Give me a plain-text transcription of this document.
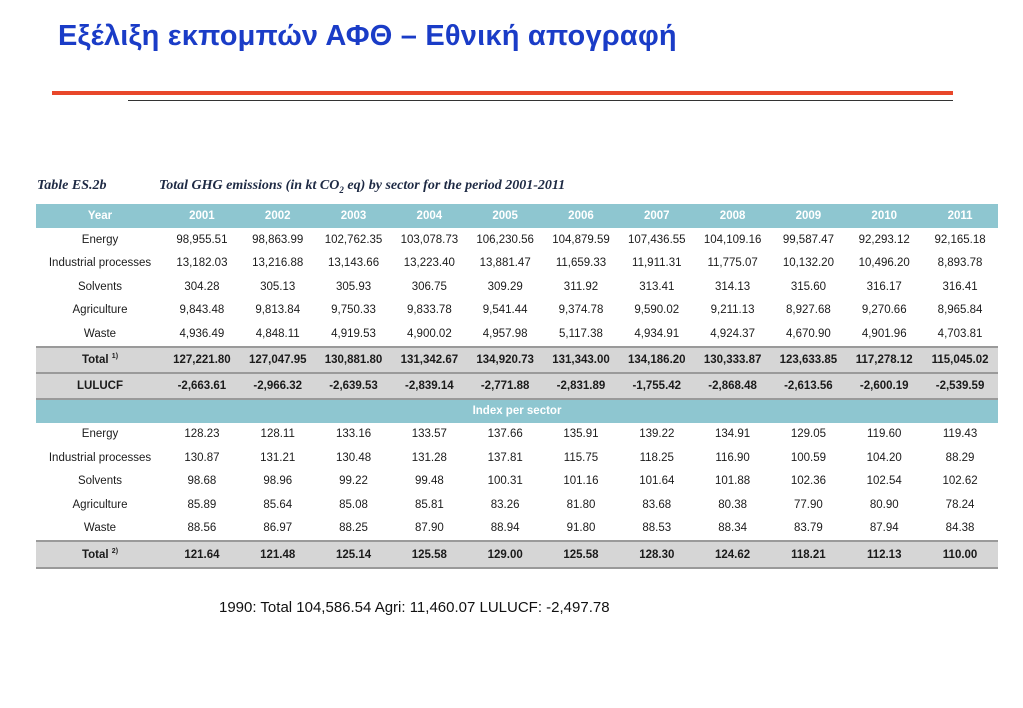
Εξέλιξη εκπομπών ΑΦΘ – Εθνική απογραφή

Table ES.2b	Total GHG emissions (in kt $CO_2$ eq) by sector for the period 2001-2011

Year	2001	2002	2003	2004	2005	2006	2007	2008	2009	2010	2011
Energy	98,955.51	98,863.99	102,762.35	103,078.73	106,230.56	104,879.59	107,436.55	104,109.16	99,587.47	92,293.12	92,165.18
Industrial processes	13,182.03	13,216.88	13,143.66	13,223.40	13,881.47	11,659.33	11,911.31	11,775.07	10,132.20	10,496.20	8,893.78
Solvents	304.28	305.13	305.93	306.75	309.29	311.92	313.41	314.13	315.60	316.17	316.41
Agriculture	9,843.48	9,813.84	9,750.33	9,833.78	9,541.44	9,374.78	9,590.02	9,211.13	8,927.68	9,270.66	8,965.84
Waste	4,936.49	4,848.11	4,919.53	4,900.02	4,957.98	5,117.38	4,934.91	4,924.37	4,670.90	4,901.96	4,703.81
Total $^{1)}$	127,221.80	127,047.95	130,881.80	131,342.67	134,920.73	131,343.00	134,186.20	130,333.87	123,633.85	117,278.12	115,045.02
LULUCF	-2,663.61	-2,966.32	-2,639.53	-2,839.14	-2,771.88	-2,831.89	-1,755.42	-2,868.48	-2,613.56	-2,600.19	-2,539.59
Index per sector											
Energy	128.23	128.11	133.16	133.57	137.66	135.91	139.22	134.91	129.05	119.60	119.43
Industrial processes	130.87	131.21	130.48	131.28	137.81	115.75	118.25	116.90	100.59	104.20	88.29
Solvents	98.68	98.96	99.22	99.48	100.31	101.16	101.64	101.88	102.36	102.54	102.62
Agriculture	85.89	85.64	85.08	85.81	83.26	81.80	83.68	80.38	77.90	80.90	78.24
Waste	88.56	86.97	88.25	87.90	88.94	91.80	88.53	88.34	83.79	87.94	84.38
Total $^{2)}$	121.64	121.48	125.14	125.58	129.00	125.58	128.30	124.62	118.21	112.13	110.00

1990: Total 104,586.54 Agri: 11,460.07 LULUCF: -2,497.78
